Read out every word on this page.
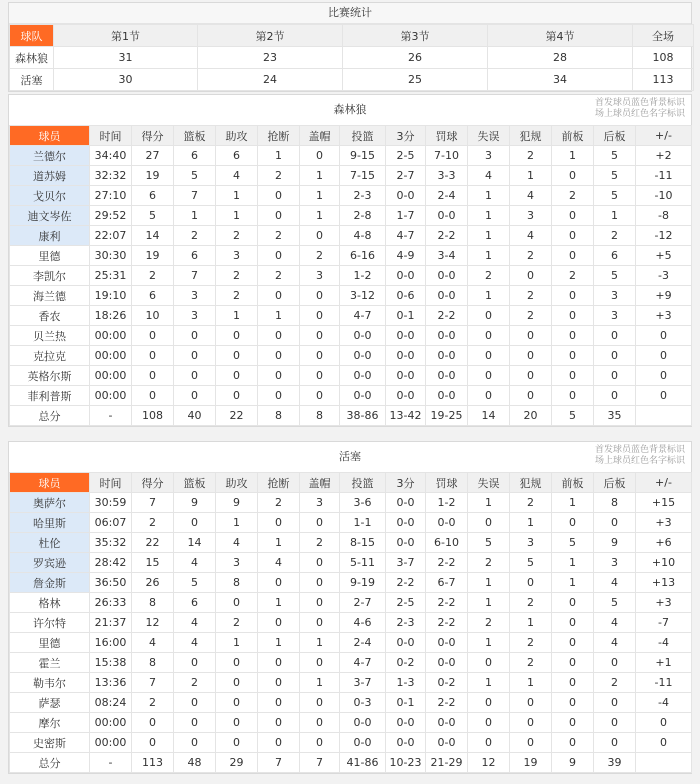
比赛统计
球队	第1节	第2节	第3节	第4节	全场
森林狼	31	23	26	28	108
活塞	30	24	25	34	113
森林狼	首发球员蓝色背景标识
场上球员红色名字标识
球员	时间	得分	篮板	助攻	抢断	盖帽	投篮	3分	罚球	失误	犯规	前板	后板	+/-
兰德尔	34:40	27	6	6	1	0	9-15	2-5	7-10	3	2	1	5	+2
道苏姆	32:32	19	5	4	2	1	7-15	2-7	3-3	4	1	0	5	-11
戈贝尔	27:10	6	7	1	0	1	2-3	0-0	2-4	1	4	2	5	-10
迪文岑佐	29:52	5	1	1	0	1	2-8	1-7	0-0	1	3	0	1	-8
康利	22:07	14	2	2	2	0	4-8	4-7	2-2	1	4	0	2	-12
里德	30:30	19	6	3	0	2	6-16	4-9	3-4	1	2	0	6	+5
李凯尔	25:31	2	7	2	2	3	1-2	0-0	0-0	2	0	2	5	-3
海兰德	19:10	6	3	2	0	0	3-12	0-6	0-0	1	2	0	3	+9
香农	18:26	10	3	1	1	0	4-7	0-1	2-2	0	2	0	3	+3
贝兰热	00:00	0	0	0	0	0	0-0	0-0	0-0	0	0	0	0	0
克拉克	00:00	0	0	0	0	0	0-0	0-0	0-0	0	0	0	0	0
英格尔斯	00:00	0	0	0	0	0	0-0	0-0	0-0	0	0	0	0	0
菲利普斯	00:00	0	0	0	0	0	0-0	0-0	0-0	0	0	0	0	0
总分	-	108	40	22	8	8	38-86	13-42	19-25	14	20	5	35	
活塞	首发球员蓝色背景标识
场上球员红色名字标识
球员	时间	得分	篮板	助攻	抢断	盖帽	投篮	3分	罚球	失误	犯规	前板	后板	+/-
奥萨尔	30:59	7	9	9	2	3	3-6	0-0	1-2	1	2	1	8	+15
哈里斯	06:07	2	0	1	0	0	1-1	0-0	0-0	0	1	0	0	+3
杜伦	35:32	22	14	4	1	2	8-15	0-0	6-10	5	3	5	9	+6
罗宾逊	28:42	15	4	3	4	0	5-11	3-7	2-2	2	5	1	3	+10
詹金斯	36:50	26	5	8	0	0	9-19	2-2	6-7	1	0	1	4	+13
格林	26:33	8	6	0	1	0	2-7	2-5	2-2	1	2	0	5	+3
许尔特	21:37	12	4	2	0	0	4-6	2-3	2-2	2	1	0	4	-7
里德	16:00	4	4	1	1	1	2-4	0-0	0-0	1	2	0	4	-4
霍兰	15:38	8	0	0	0	0	4-7	0-2	0-0	0	2	0	0	+1
勒韦尔	13:36	7	2	0	0	1	3-7	1-3	0-2	1	1	0	2	-11
萨瑟	08:24	2	0	0	0	0	0-3	0-1	2-2	0	0	0	0	-4
摩尔	00:00	0	0	0	0	0	0-0	0-0	0-0	0	0	0	0	0
史密斯	00:00	0	0	0	0	0	0-0	0-0	0-0	0	0	0	0	0
总分	-	113	48	29	7	7	41-86	10-23	21-29	12	19	9	39	
